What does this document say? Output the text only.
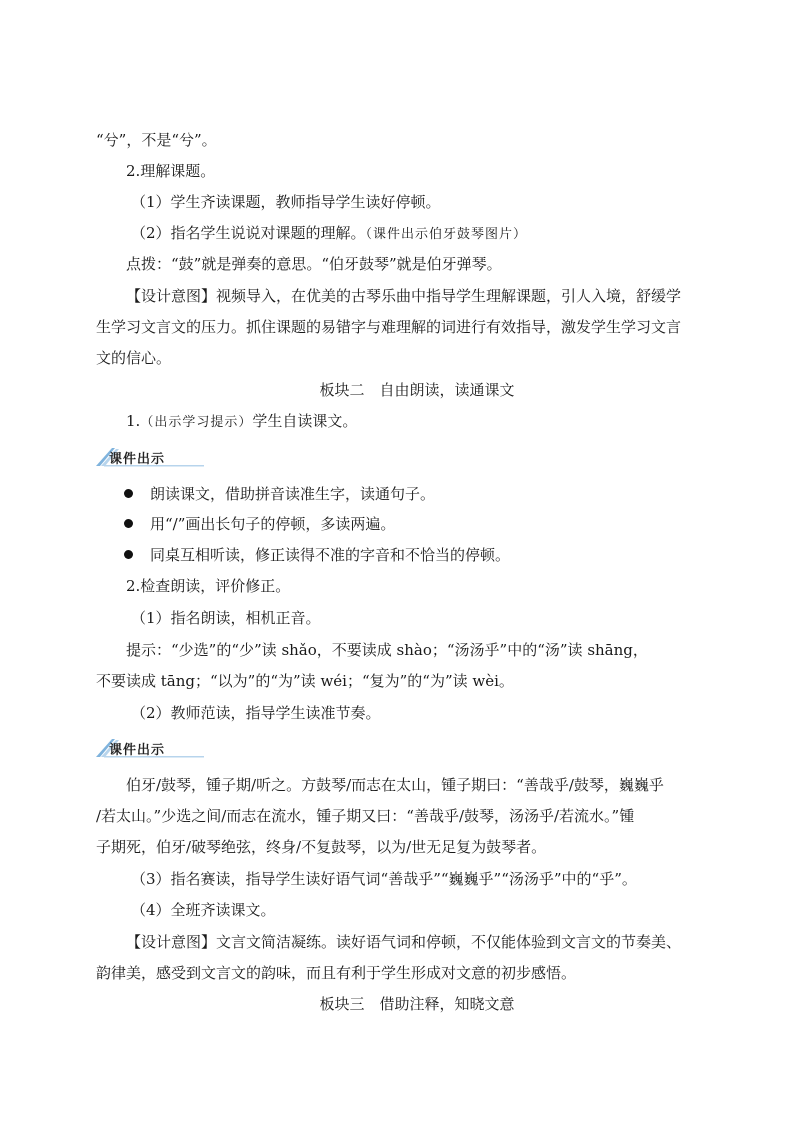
“兮”，不是“兮”。
2.理解课题。
（1）学生齐读课题，教师指导学生读好停顿。
（2）指名学生说说对课题的理解。（课件出示伯牙鼓琴图片）
点拨：“鼓”就是弹奏的意思。“伯牙鼓琴”就是伯牙弹琴。
【设计意图】视频导入，在优美的古琴乐曲中指导学生理解课题，引人入境，舒缓学
生学习文言文的压力。抓住课题的易错字与难理解的词进行有效指导，激发学生学习文言
文的信心。
板块二　自由朗读，读通课文
1.（出示学习提示）学生自读课文。
课件出示
朗读课文，借助拼音读准生字，读通句子。
用“/”画出长句子的停顿，多读两遍。
同桌互相听读，修正读得不准的字音和不恰当的停顿。
2.检查朗读，评价修正。
（1）指名朗读，相机正音。
提示：“少选”的“少”读 shǎo，不要读成 shào；“汤汤乎”中的“汤”读 shāng，
不要读成 tāng；“以为”的“为”读 wéi；“复为”的“为”读 wèi。
（2）教师范读，指导学生读准节奏。
课件出示
伯牙/鼓琴，锺子期/听之。方鼓琴/而志在太山，锺子期曰：“善哉乎/鼓琴，巍巍乎
/若太山。”少选之间/而志在流水，锺子期又曰：“善哉乎/鼓琴，汤汤乎/若流水。”锺
子期死，伯牙/破琴绝弦，终身/不复鼓琴，以为/世无足复为鼓琴者。
（3）指名赛读，指导学生读好语气词“善哉乎”“巍巍乎”“汤汤乎”中的“乎”。
（4）全班齐读课文。
【设计意图】文言文简洁凝练。读好语气词和停顿，不仅能体验到文言文的节奏美、
韵律美，感受到文言文的韵味，而且有利于学生形成对文意的初步感悟。
板块三　借助注释，知晓文意
